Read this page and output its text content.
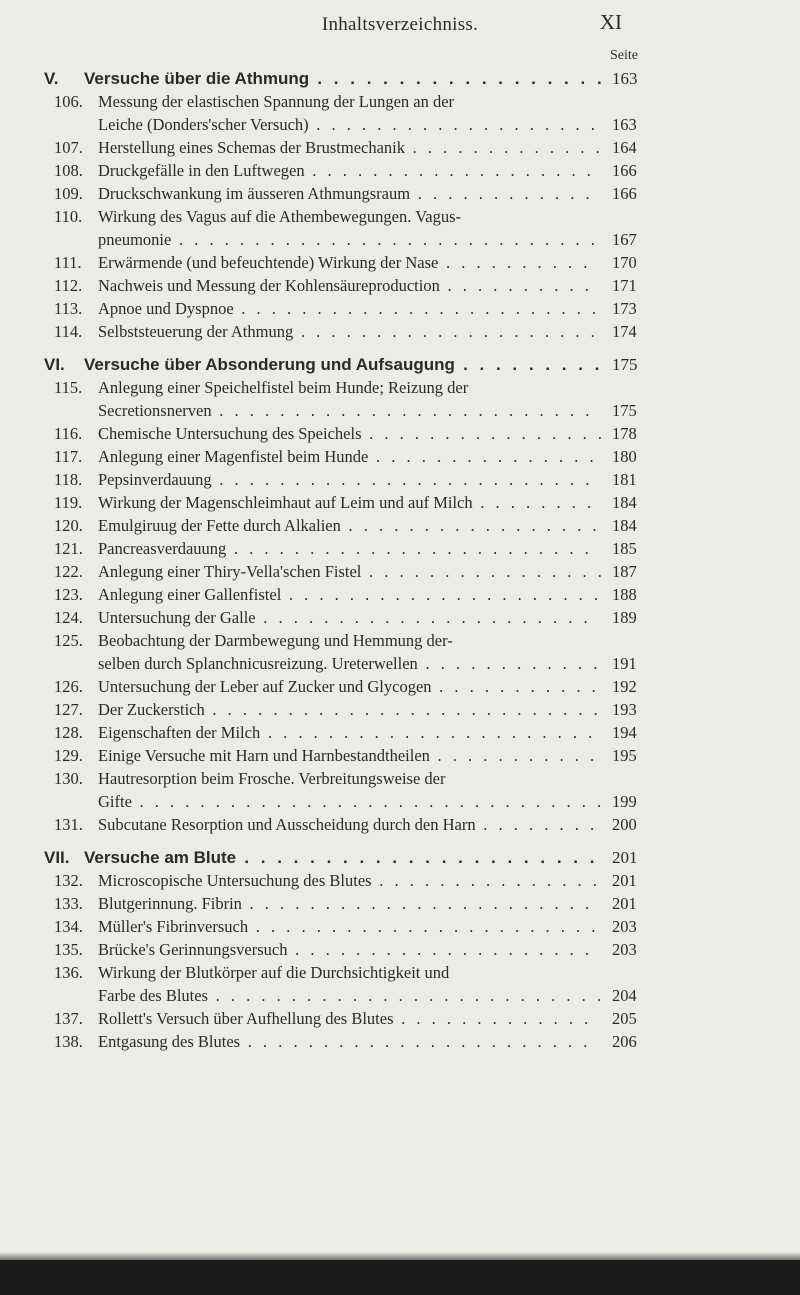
Inhaltsverzeichniss.	XI
Seite
V. Versuche über die Athmung . . . . . . . . . . . . . . . . . . 163
106. Messung der elastischen Spannung der Lungen an der
Leiche (Donders'scher Versuch) . . . . . . . . . . . . . . . . . . . 163
107. Herstellung eines Schemas der Brustmechanik . . . . . . . . . . . . . 164
108. Druckgefälle in den Luftwegen . . . . . . . . . . . . . . . . . . . 166
109. Druckschwankung im äusseren Athmungsraum . . . . . . . . . . . . 166
110. Wirkung des Vagus auf die Athembewegungen. Vagus-
pneumonie . . . . . . . . . . . . . . . . . . . . . . . . . . . . 167
111. Erwärmende (und befeuchtende) Wirkung der Nase . . . . . . . . . . 170
112. Nachweis und Messung der Kohlensäureproduction . . . . . . . . . . 171
113. Apnoe und Dyspnoe . . . . . . . . . . . . . . . . . . . . . . . . 173
114. Selbststeuerung der Athmung . . . . . . . . . . . . . . . . . . . . 174
VI. Versuche über Absonderung und Aufsaugung . . . . . . . . . 175
115. Anlegung einer Speichelfistel beim Hunde; Reizung der
Secretionsnerven . . . . . . . . . . . . . . . . . . . . . . . . . 175
116. Chemische Untersuchung des Speichels . . . . . . . . . . . . . . . . 178
117. Anlegung einer Magenfistel beim Hunde . . . . . . . . . . . . . . . 180
118. Pepsinverdauung . . . . . . . . . . . . . . . . . . . . . . . . . 181
119. Wirkung der Magenschleimhaut auf Leim und auf Milch . . . . . . . . 184
120. Emulgiruug der Fette durch Alkalien . . . . . . . . . . . . . . . . . 184
121. Pancreasverdauung . . . . . . . . . . . . . . . . . . . . . . . . 185
122. Anlegung einer Thiry-Vella'schen Fistel . . . . . . . . . . . . . . . . 187
123. Anlegung einer Gallenfistel . . . . . . . . . . . . . . . . . . . . . 188
124. Untersuchung der Galle . . . . . . . . . . . . . . . . . . . . . . 189
125. Beobachtung der Darmbewegung und Hemmung der-
selben durch Splanchnicusreizung. Ureterwellen . . . . . . . . . . . . 191
126. Untersuchung der Leber auf Zucker und Glycogen . . . . . . . . . . . 192
127. Der Zuckerstich . . . . . . . . . . . . . . . . . . . . . . . . . . 193
128. Eigenschaften der Milch . . . . . . . . . . . . . . . . . . . . . . 194
129. Einige Versuche mit Harn und Harnbestandtheilen . . . . . . . . . . . 195
130. Hautresorption beim Frosche. Verbreitungsweise der
Gifte . . . . . . . . . . . . . . . . . . . . . . . . . . . . . . . 199
131. Subcutane Resorption und Ausscheidung durch den Harn . . . . . . . . 200
VII. Versuche am Blute . . . . . . . . . . . . . . . . . . . . . . 201
132. Microscopische Untersuchung des Blutes . . . . . . . . . . . . . . . 201
133. Blutgerinnung. Fibrin . . . . . . . . . . . . . . . . . . . . . . . 201
134. Müller's Fibrinversuch . . . . . . . . . . . . . . . . . . . . . . . 203
135. Brücke's Gerinnungsversuch . . . . . . . . . . . . . . . . . . . . 203
136. Wirkung der Blutkörper auf die Durchsichtigkeit und
Farbe des Blutes . . . . . . . . . . . . . . . . . . . . . . . . . . 204
137. Rollett's Versuch über Aufhellung des Blutes . . . . . . . . . . . . . 205
138. Entgasung des Blutes . . . . . . . . . . . . . . . . . . . . . . . 206
